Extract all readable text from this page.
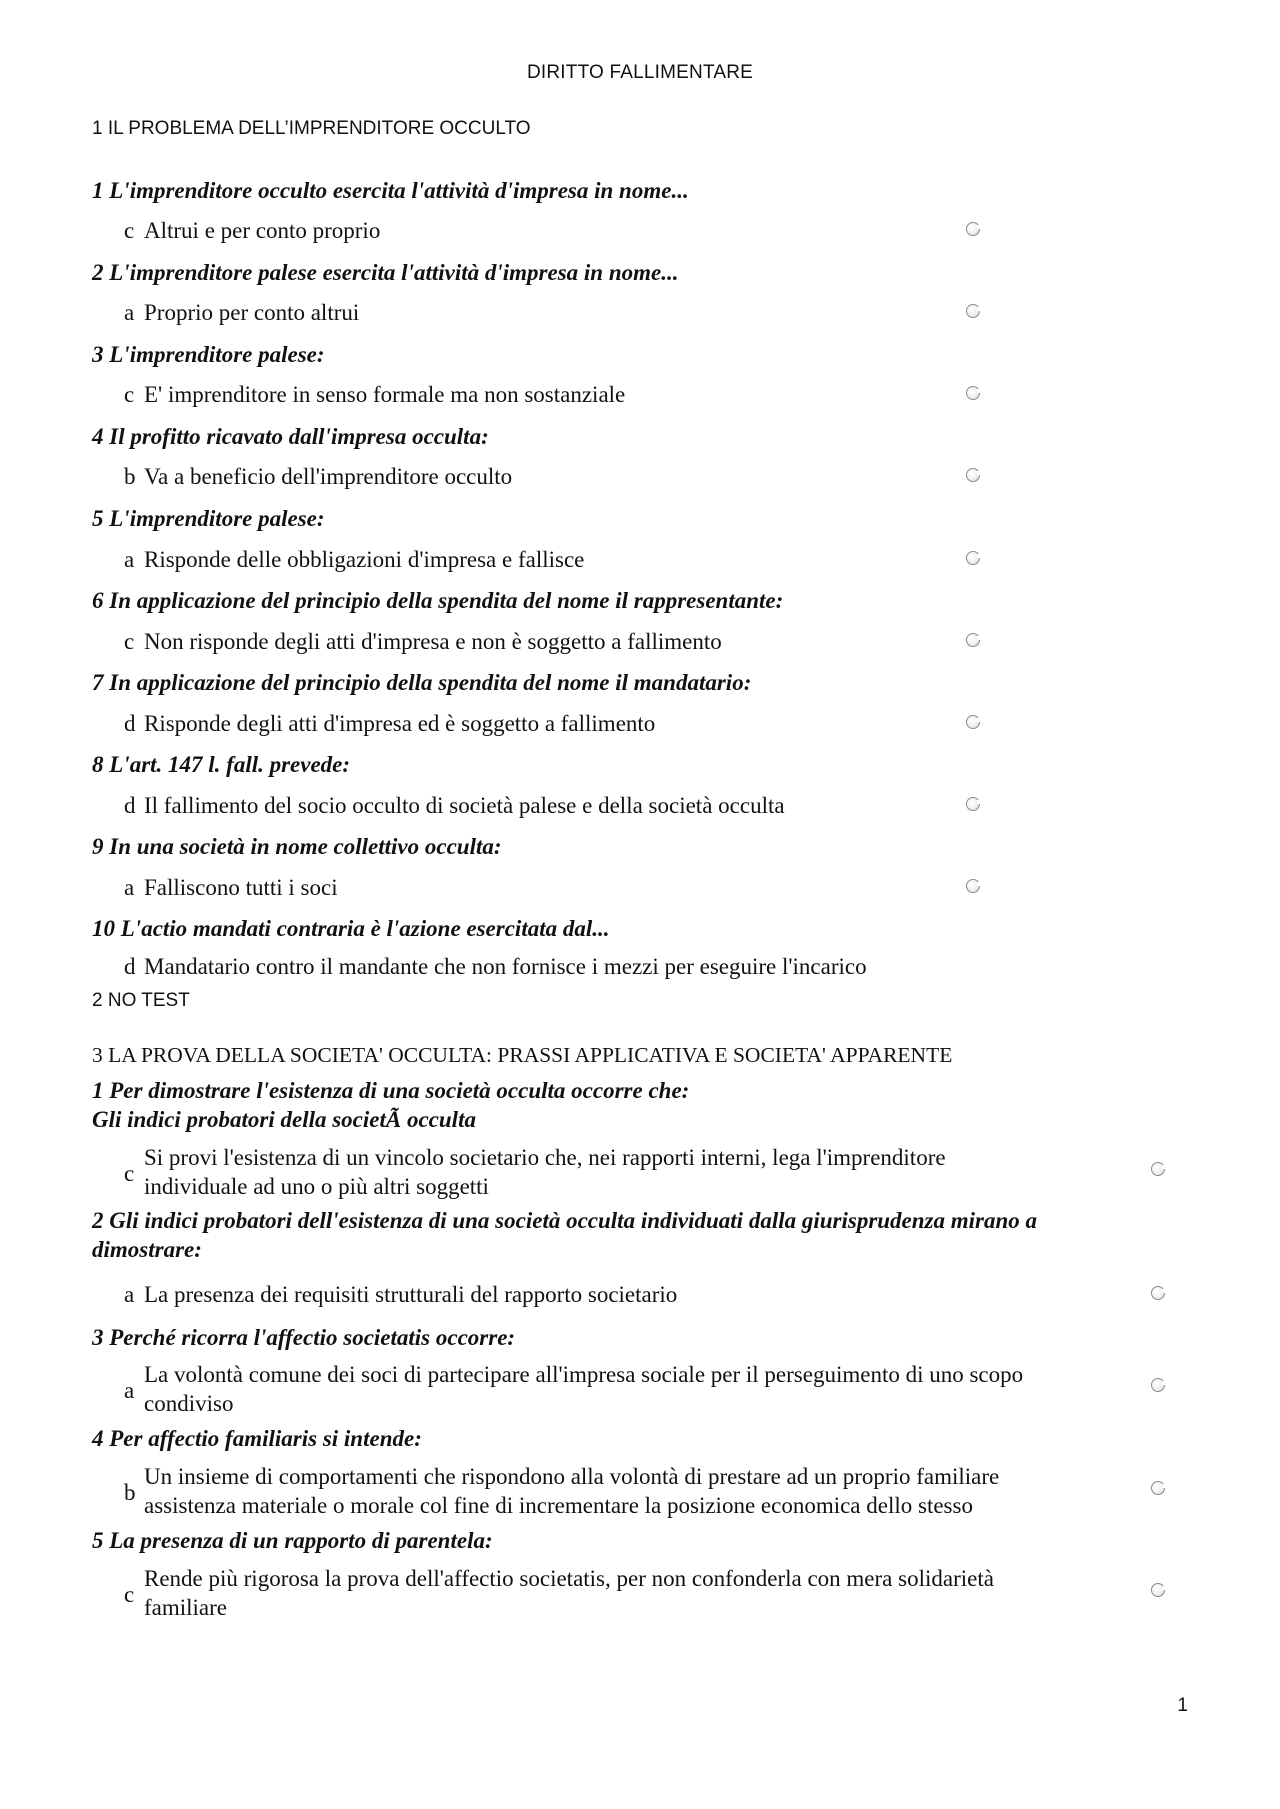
DIRITTO FALLIMENTARE
1 IL PROBLEMA DELL’IMPRENDITORE OCCULTO
1 L'imprenditore occulto esercita l'attività d'impresa in nome...
c Altrui e per conto proprio
2 L'imprenditore palese esercita l'attività d'impresa in nome...
a Proprio per conto altrui
3 L'imprenditore palese:
c E' imprenditore in senso formale ma non sostanziale
4 Il profitto ricavato dall'impresa occulta:
b Va a beneficio dell'imprenditore occulto
5 L'imprenditore palese:
a Risponde delle obbligazioni d'impresa e fallisce
6 In applicazione del principio della spendita del nome il rappresentante:
c Non risponde degli atti d'impresa e non è soggetto a fallimento
7 In applicazione del principio della spendita del nome il mandatario:
d Risponde degli atti d'impresa ed è soggetto a fallimento
8 L'art. 147 l. fall. prevede:
d Il fallimento del socio occulto di società palese e della società occulta
9 In una società in nome collettivo occulta:
a Falliscono tutti i soci
10 L'actio mandati contraria è l'azione esercitata dal...
d Mandatario contro il mandante che non fornisce i mezzi per eseguire l'incarico
2 NO TEST
3 LA PROVA DELLA SOCIETA' OCCULTA: PRASSI APPLICATIVA E SOCIETA' APPARENTE
1 Per dimostrare l'esistenza di una società occulta occorre che:
Gli indici probatori della societÃ occulta
c
Si provi l'esistenza di un vincolo societario che, nei rapporti interni, lega l'imprenditore
individuale ad uno o più altri soggetti
2 Gli indici probatori dell'esistenza di una società occulta individuati dalla giurisprudenza mirano a
dimostrare:
a La presenza dei requisiti strutturali del rapporto societario
3 Perché ricorra l'affectio societatis occorre:
a
La volontà comune dei soci di partecipare all'impresa sociale per il perseguimento di uno scopo
condiviso
4 Per affectio familiaris si intende:
b
Un insieme di comportamenti che rispondono alla volontà di prestare ad un proprio familiare
assistenza materiale o morale col fine di incrementare la posizione economica dello stesso
5 La presenza di un rapporto di parentela:
c
Rende più rigorosa la prova dell'affectio societatis, per non confonderla con mera solidarietà
familiare
1
